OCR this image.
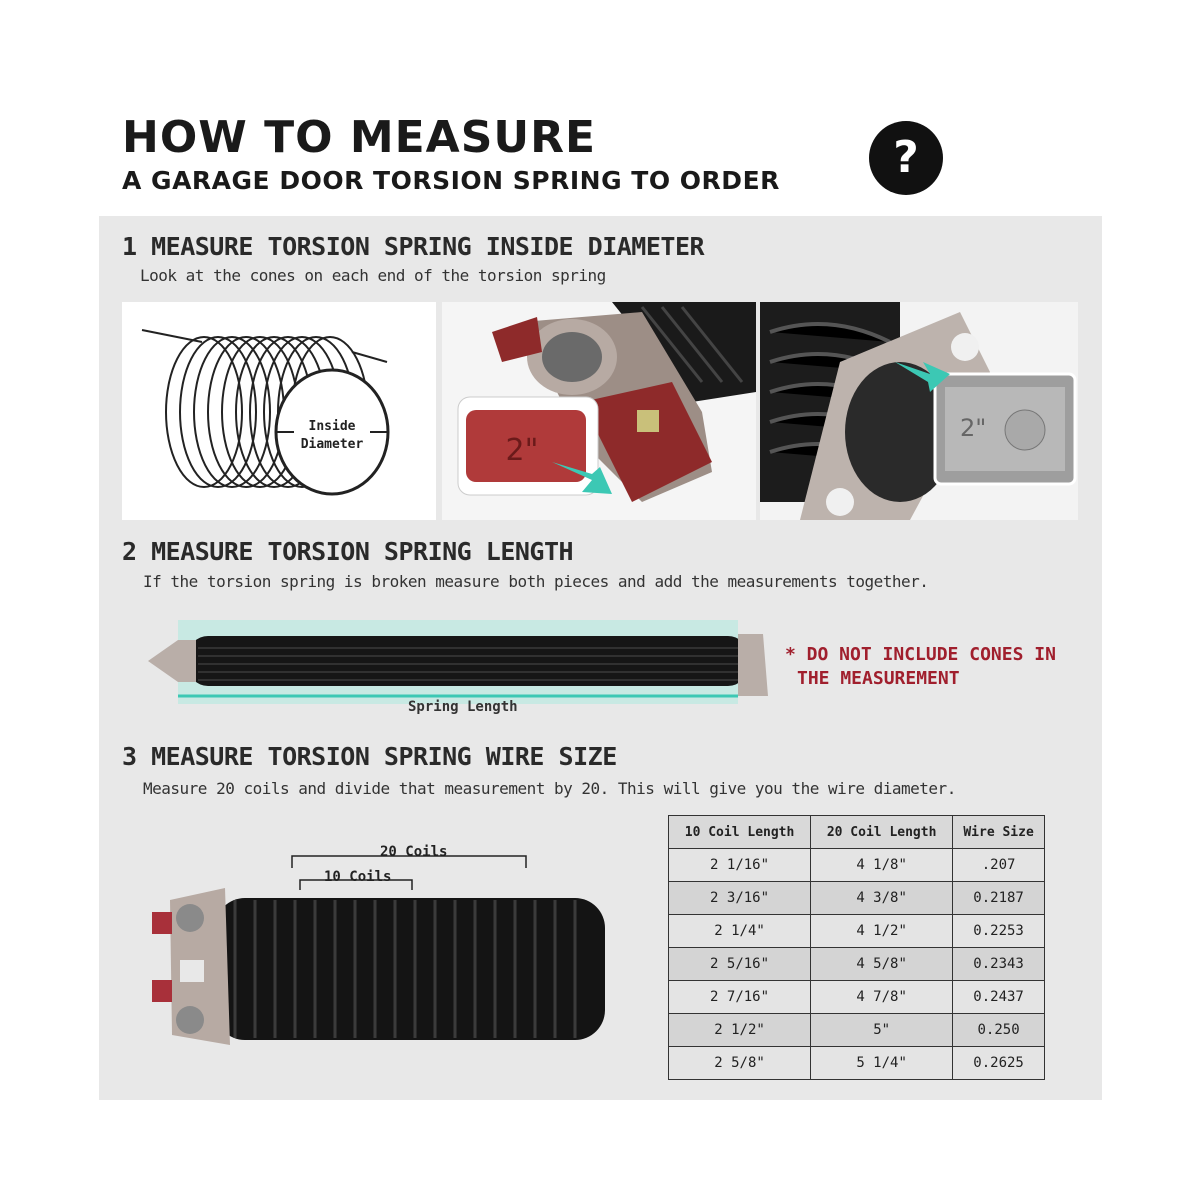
HOW TO MEASURE
A GARAGE DOOR TORSION SPRING TO ORDER	?
1 MEASURE TORSION SPRING INSIDE DIAMETER
Look at the cones on each end of the torsion spring
Inside
Diameter	2"
2"
2 MEASURE TORSION SPRING LENGTH
If the torsion spring is broken measure both pieces and add the measurements together.
Spring Length
* DO NOT INCLUDE CONES IN
THE MEASUREMENT
3 MEASURE TORSION SPRING WIRE SIZE
Measure 20 coils and divide that measurement by 20. This will give you the wire diameter.
20 Coils
10 Coils
10 Coil Length	20 Coil Length	Wire Size
2 1/16"	4 1/8"	.207
2 3/16"	4 3/8"	0.2187
2 1/4"	4 1/2"	0.2253
2 5/16"	4 5/8"	0.2343
2 7/16"	4 7/8"	0.2437
2 1/2"	5"	0.250
2 5/8"	5 1/4"	0.2625
